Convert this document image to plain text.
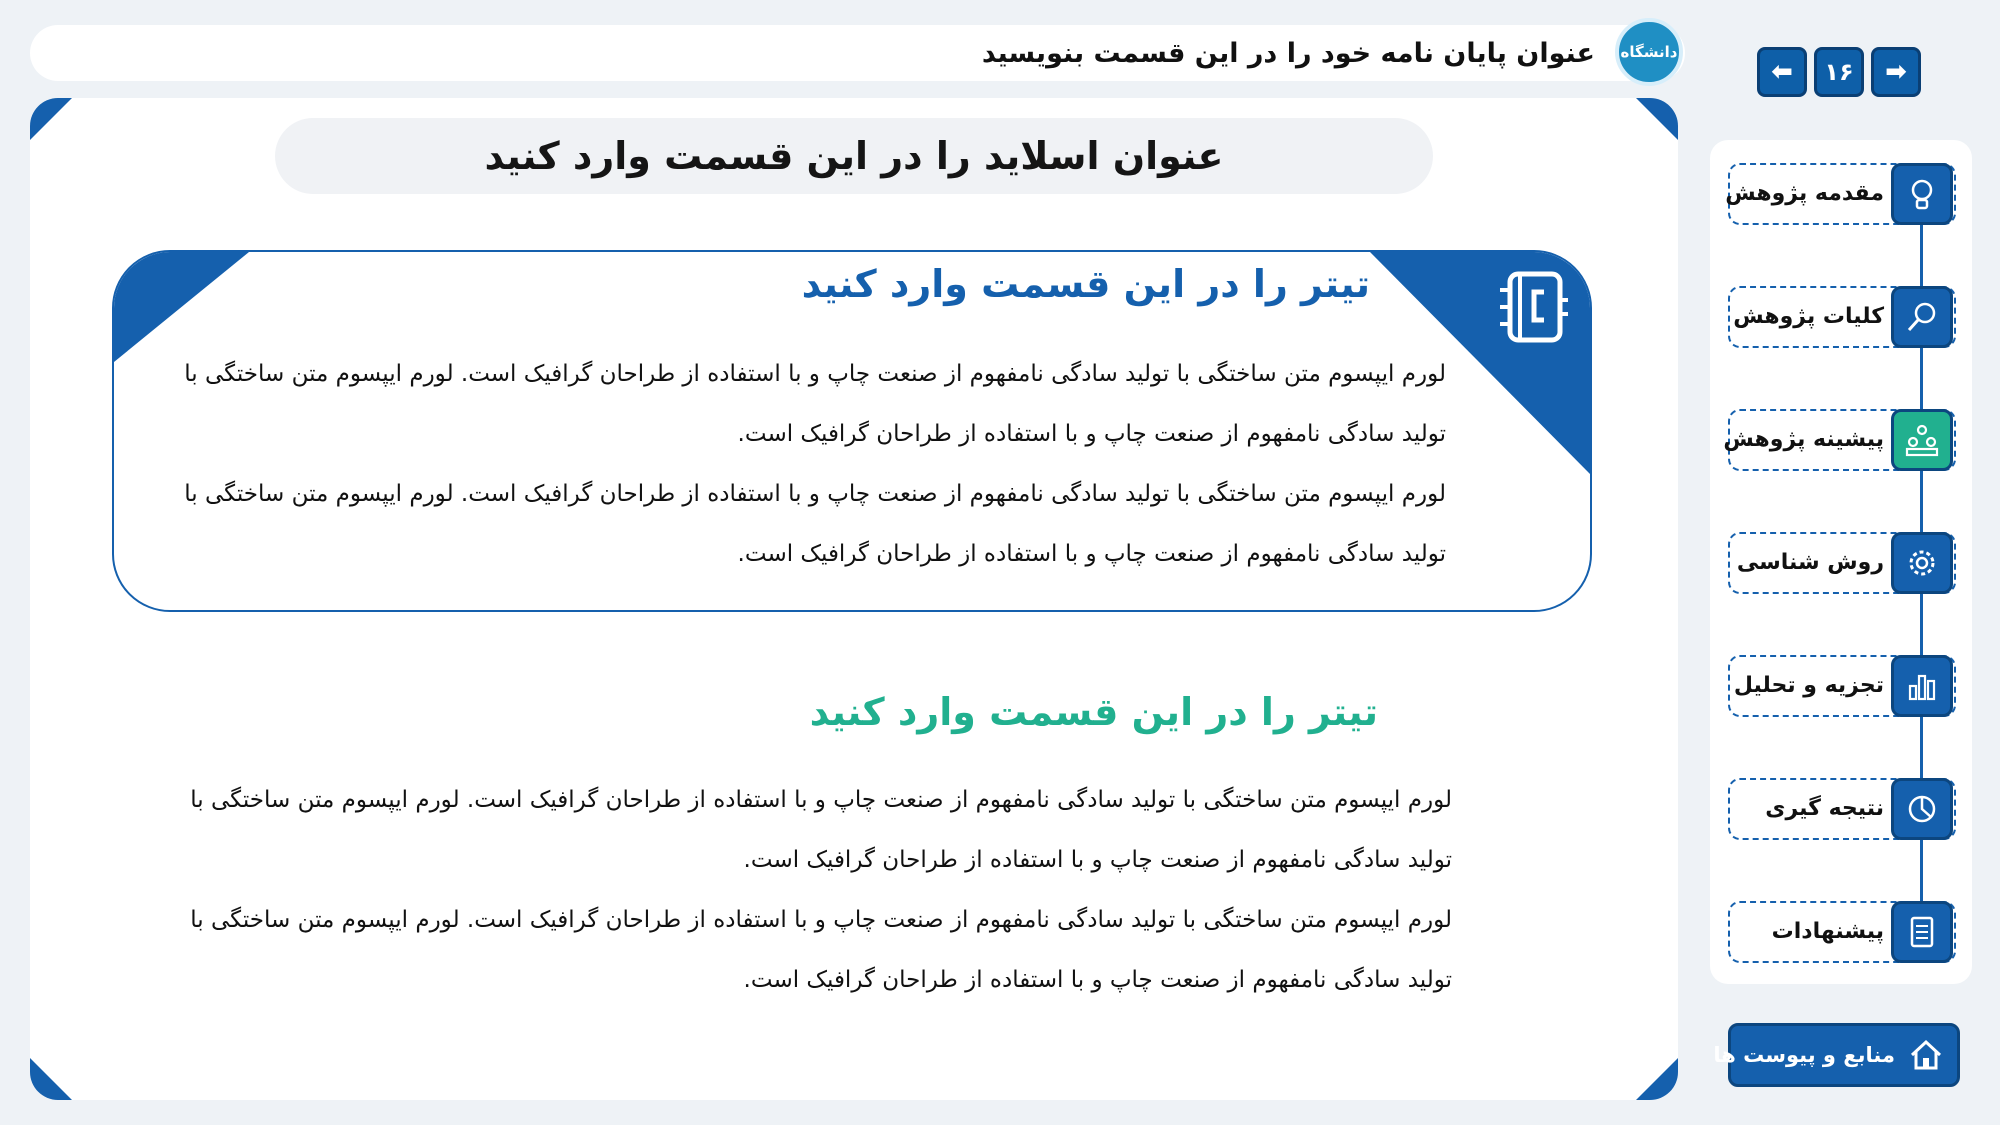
عنوان پایان نامه خود را در این قسمت بنویسید دانشگاه
⬅ ۱۶ ➡
عنوان اسلاید را در این قسمت وارد کنید
تیتر را در این قسمت وارد کنید
لورم ایپسوم متن ساختگی با تولید سادگی نامفهوم از صنعت چاپ و با استفاده از طراحان گرافیک است. لورم ایپسوم متن ساختگی با تولید سادگی نامفهوم از صنعت چاپ و با استفاده از طراحان گرافیک است.
لورم ایپسوم متن ساختگی با تولید سادگی نامفهوم از صنعت چاپ و با استفاده از طراحان گرافیک است. لورم ایپسوم متن ساختگی با تولید سادگی نامفهوم از صنعت چاپ و با استفاده از طراحان گرافیک است.
تیتر را در این قسمت وارد کنید
لورم ایپسوم متن ساختگی با تولید سادگی نامفهوم از صنعت چاپ و با استفاده از طراحان گرافیک است. لورم ایپسوم متن ساختگی با تولید سادگی نامفهوم از صنعت چاپ و با استفاده از طراحان گرافیک است.
لورم ایپسوم متن ساختگی با تولید سادگی نامفهوم از صنعت چاپ و با استفاده از طراحان گرافیک است. لورم ایپسوم متن ساختگی با تولید سادگی نامفهوم از صنعت چاپ و با استفاده از طراحان گرافیک است.
مقدمه پژوهش
کلیات پژوهش
پیشینه پژوهش
روش شناسی
تجزیه و تحلیل
نتیجه گیری
پیشنهادات
منابع و پیوست ها
